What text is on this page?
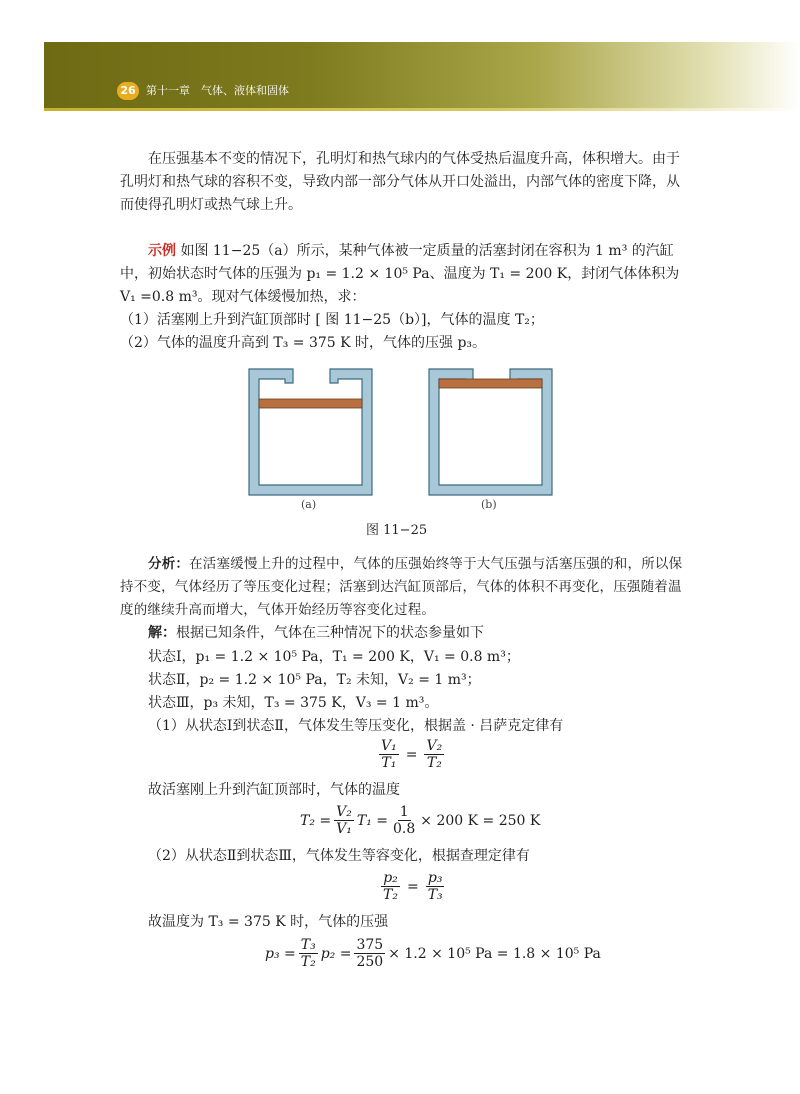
26 第十一章　气体、液体和固体
在压强基本不变的情况下，孔明灯和热气球内的气体受热后温度升高，体积增大。由于孔明灯和热气球的容积不变，导致内部一部分气体从开口处溢出，内部气体的密度下降，从而使得孔明灯或热气球上升。
示例 如图 11−25（a）所示，某种气体被一定质量的活塞封闭在容积为 1 m³ 的汽缸中，初始状态时气体的压强为 p₁ = 1.2 × 10⁵ Pa、温度为 T₁ = 200 K，封闭气体体积为 V₁ =0.8 m³。现对气体缓慢加热，求：
（1）活塞刚上升到汽缸顶部时 [ 图 11−25（b）]，气体的温度 T₂；
（2）气体的温度升高到 T₃ = 375 K 时，气体的压强 p₃。
(a)	(b)
图 11−25
分析：在活塞缓慢上升的过程中，气体的压强始终等于大气压强与活塞压强的和，所以保持不变，气体经历了等压变化过程；活塞到达汽缸顶部后，气体的体积不再变化，压强随着温度的继续升高而增大，气体开始经历等容变化过程。
解：根据已知条件，气体在三种情况下的状态参量如下
状态Ⅰ，p₁ = 1.2 × 10⁵ Pa，T₁ = 200 K，V₁ = 0.8 m³；
状态Ⅱ，p₂ = 1.2 × 10⁵ Pa，T₂ 未知，V₂ = 1 m³；
状态Ⅲ，p₃ 未知，T₃ = 375 K，V₃ = 1 m³。
（1）从状态Ⅰ到状态Ⅱ，气体发生等压变化，根据盖 · 吕萨克定律有
$\frac{\text{V₁}}{\text{T₁}} = \frac{\text{V₂}}{\text{T₂}}$
故活塞刚上升到汽缸顶部时，气体的温度
$T_2 = \frac{\text{V₂}}{\text{V₁}} T_1 = \frac{1}{0.8} \times 200$ K = 250 K
（2）从状态Ⅱ到状态Ⅲ，气体发生等容变化，根据查理定律有
$\frac{\text{p₂}}{\text{T₂}} = \frac{\text{p₃}}{\text{T₃}}$
故温度为 T₃ = 375 K 时，气体的压强
$p_3 = \frac{\text{T₃}}{\text{T₂}} p_2 = \frac{375}{250} \times 1.2 \times 10^5$ Pa = 1.8 × 10⁵ Pa
